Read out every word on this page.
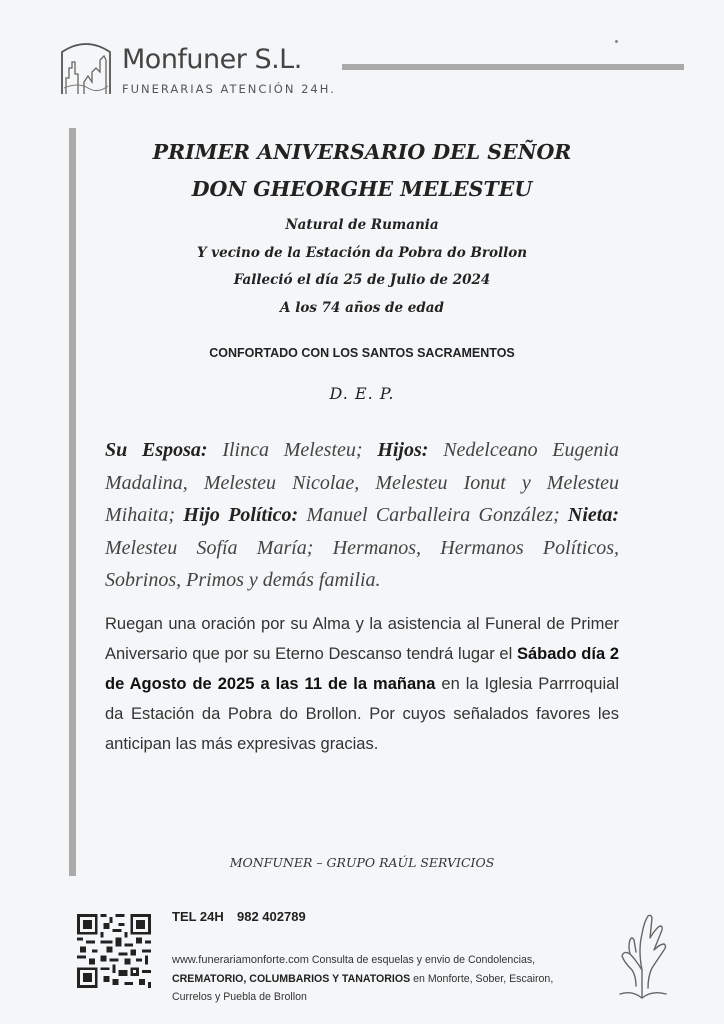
Monfuner S.L.
FUNERARIAS ATENCIÓN 24H.
PRIMER ANIVERSARIO DEL SEÑOR
DON GHEORGHE MELESTEU
Natural de Rumania
Y vecino de la Estación da Pobra do Brollon
Falleció el día 25 de Julio de 2024
A los 74 años de edad
CONFORTADO CON LOS SANTOS SACRAMENTOS
D. E. P.
Su Esposa: Ilinca Melesteu; Hijos: Nedelceano Eugenia Madalina, Melesteu Nicolae, Melesteu Ionut y Melesteu Mihaita; Hijo Político: Manuel Carballeira González; Nieta: Melesteu Sofía María; Hermanos, Hermanos Políticos, Sobrinos, Primos y demás familia.
Ruegan una oración por su Alma y la asistencia al Funeral de Primer Aniversario que por su Eterno Descanso tendrá lugar el Sábado día 2 de Agosto de 2025 a las 11 de la mañana en la Iglesia Parrroquial da Estación da Pobra do Brollon. Por cuyos señalados favores les anticipan las más expresivas gracias.
MONFUNER – GRUPO RAÚL SERVICIOS
TEL 24H 982 402789
www.funerariamonforte.com Consulta de esquelas y envio de Condolencias, CREMATORIO, COLUMBARIOS Y TANATORIOS en Monforte, Sober, Escairon, Currelos y Puebla de Brollon
